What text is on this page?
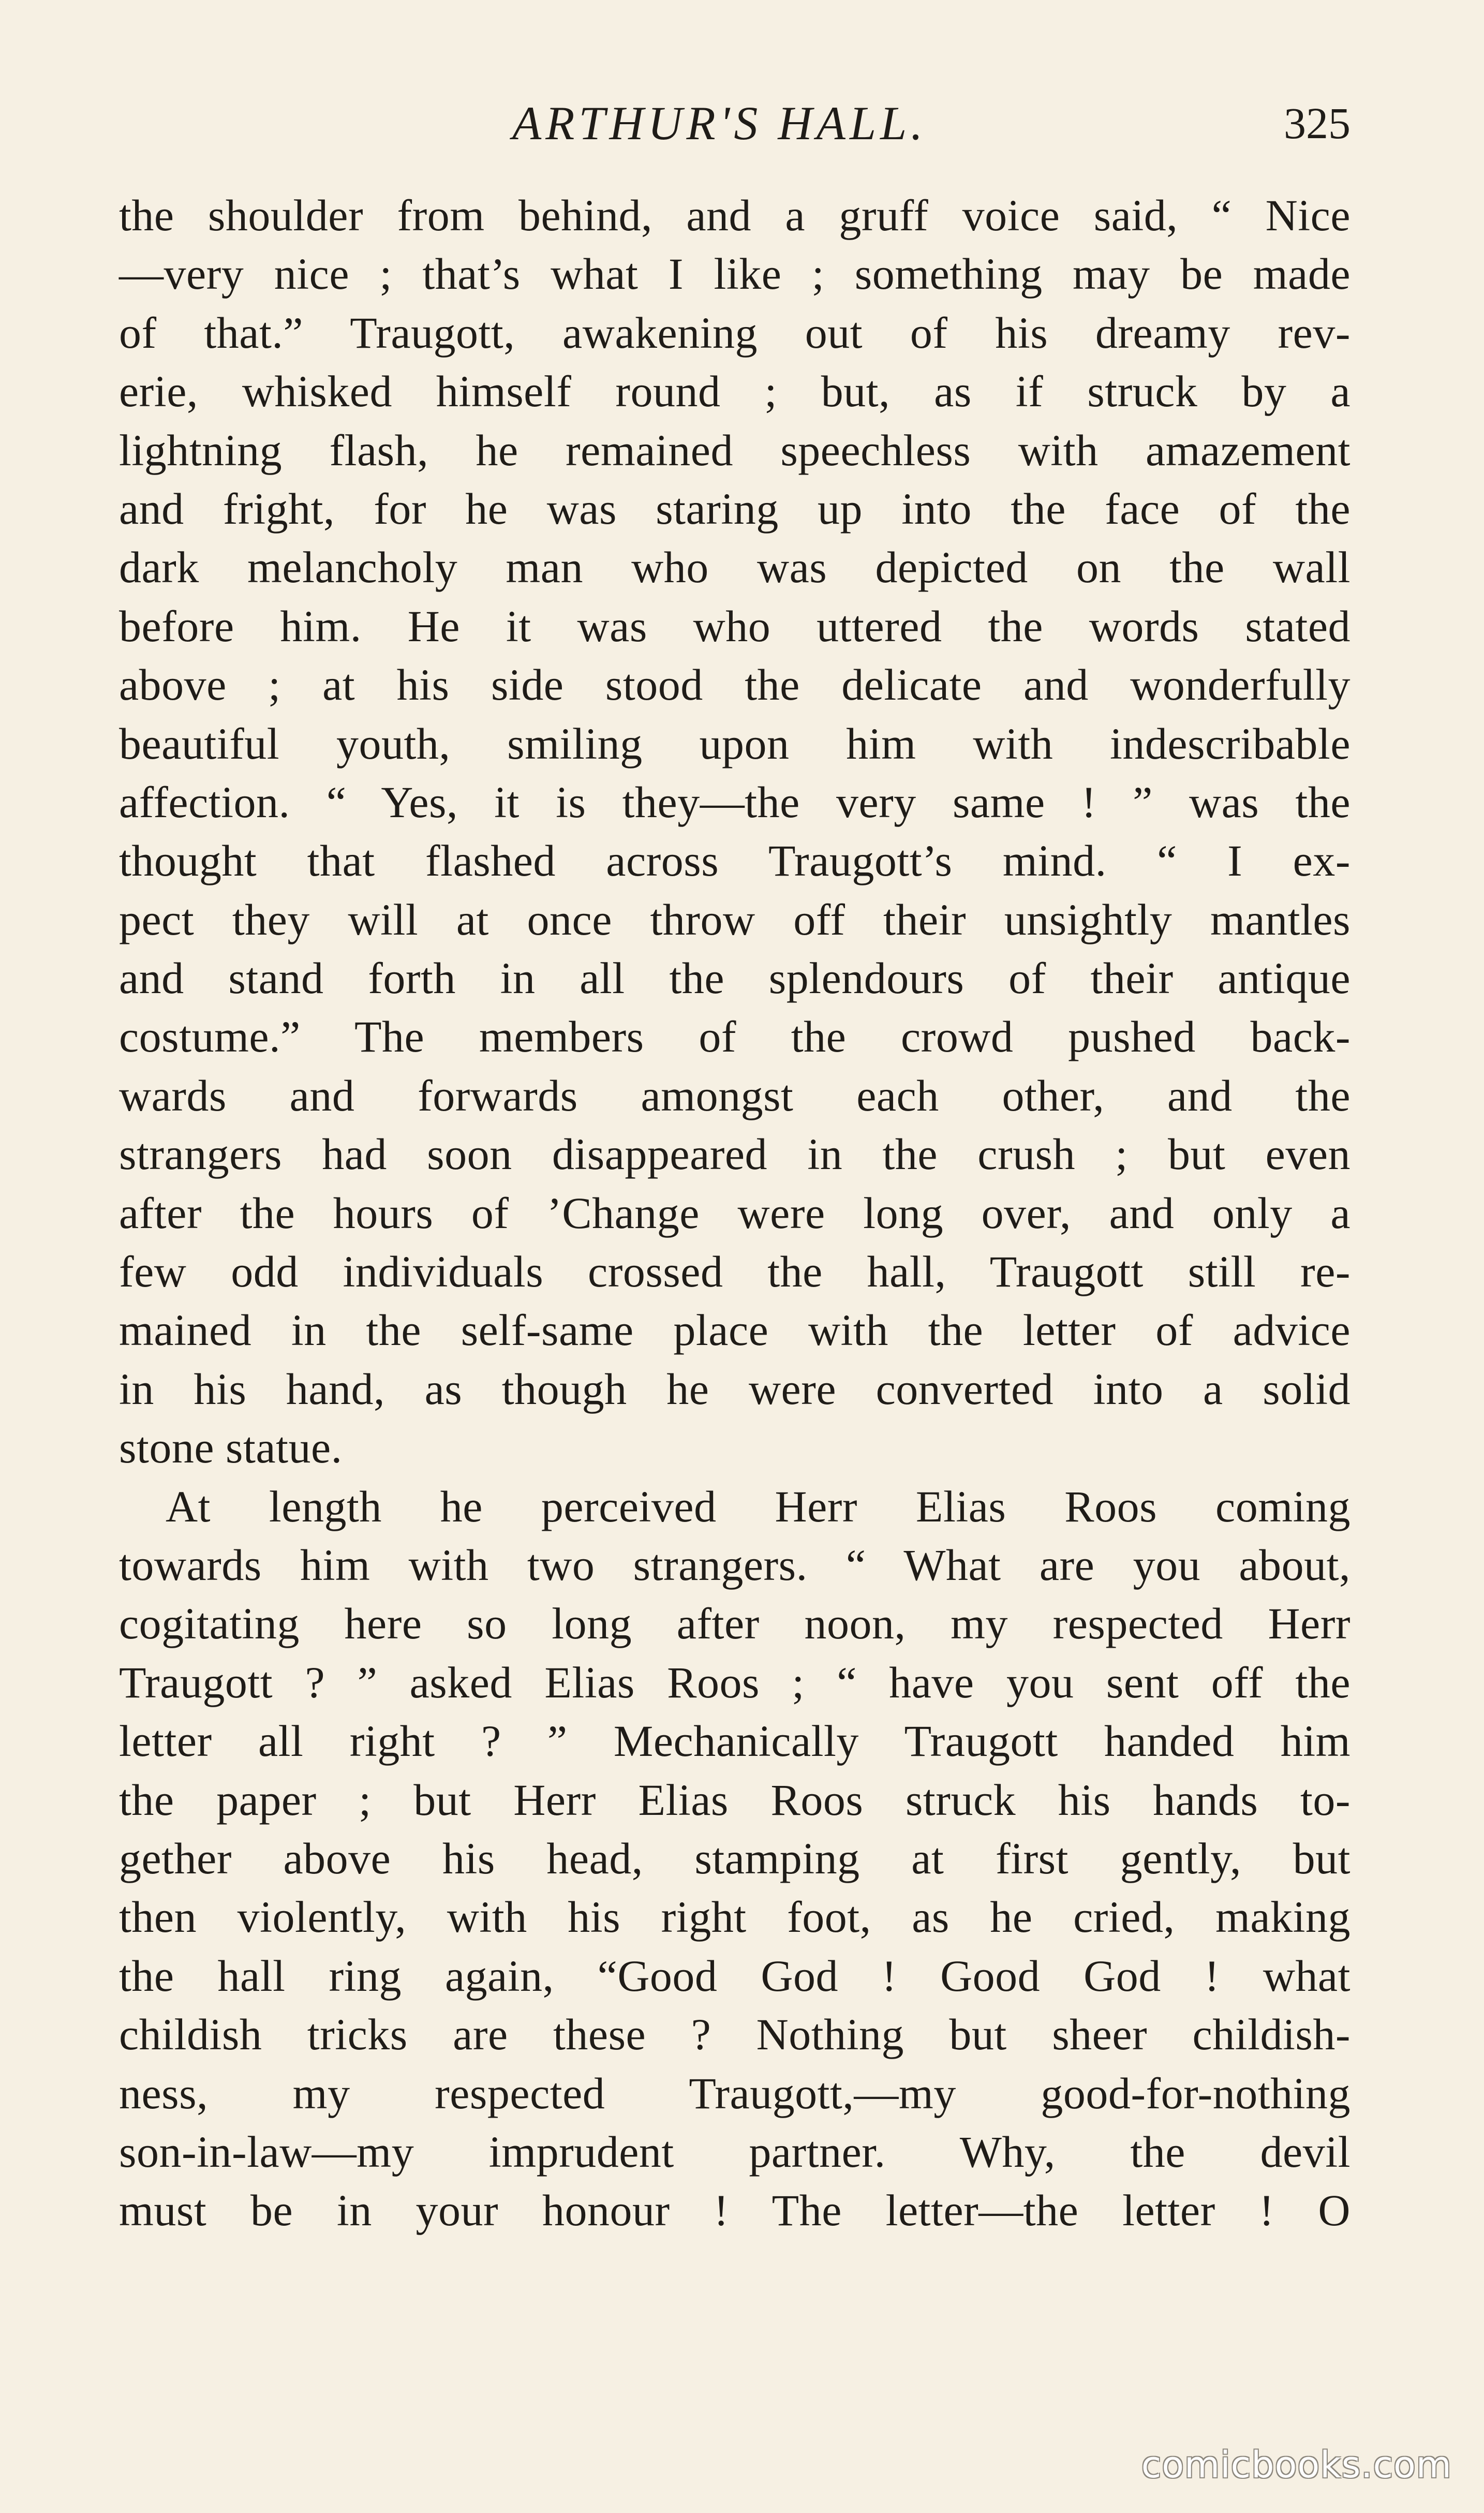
ARTHUR'S HALL.	325
the shoulder from behind, and a gruff voice said, “ Nice
—very nice ; that’s what I like ; something may be made
of that.” Traugott, awakening out of his dreamy rev-
erie, whisked himself round ; but, as if struck by a
lightning flash, he remained speechless with amazement
and fright, for he was staring up into the face of the
dark melancholy man who was depicted on the wall
before him. He it was who uttered the words stated
above ; at his side stood the delicate and wonderfully
beautiful youth, smiling upon him with indescribable
affection. “ Yes, it is they—the very same ! ” was the
thought that flashed across Traugott’s mind. “ I ex-
pect they will at once throw off their unsightly mantles
and stand forth in all the splendours of their antique
costume.” The members of the crowd pushed back-
wards and forwards amongst each other, and the
strangers had soon disappeared in the crush ; but even
after the hours of ’Change were long over, and only a
few odd individuals crossed the hall, Traugott still re-
mained in the self-same place with the letter of advice
in his hand, as though he were converted into a solid
stone statue.
At length he perceived Herr Elias Roos coming
towards him with two strangers. “ What are you about,
cogitating here so long after noon, my respected Herr
Traugott ? ” asked Elias Roos ; “ have you sent off the
letter all right ? ” Mechanically Traugott handed him
the paper ; but Herr Elias Roos struck his hands to-
gether above his head, stamping at first gently, but
then violently, with his right foot, as he cried, making
the hall ring again, “Good God ! Good God ! what
childish tricks are these ? Nothing but sheer childish-
ness, my respected Traugott,—my good-for-nothing
son-in-law—my imprudent partner. Why, the devil
must be in your honour ! The letter—the letter ! O
comicbooks.com
